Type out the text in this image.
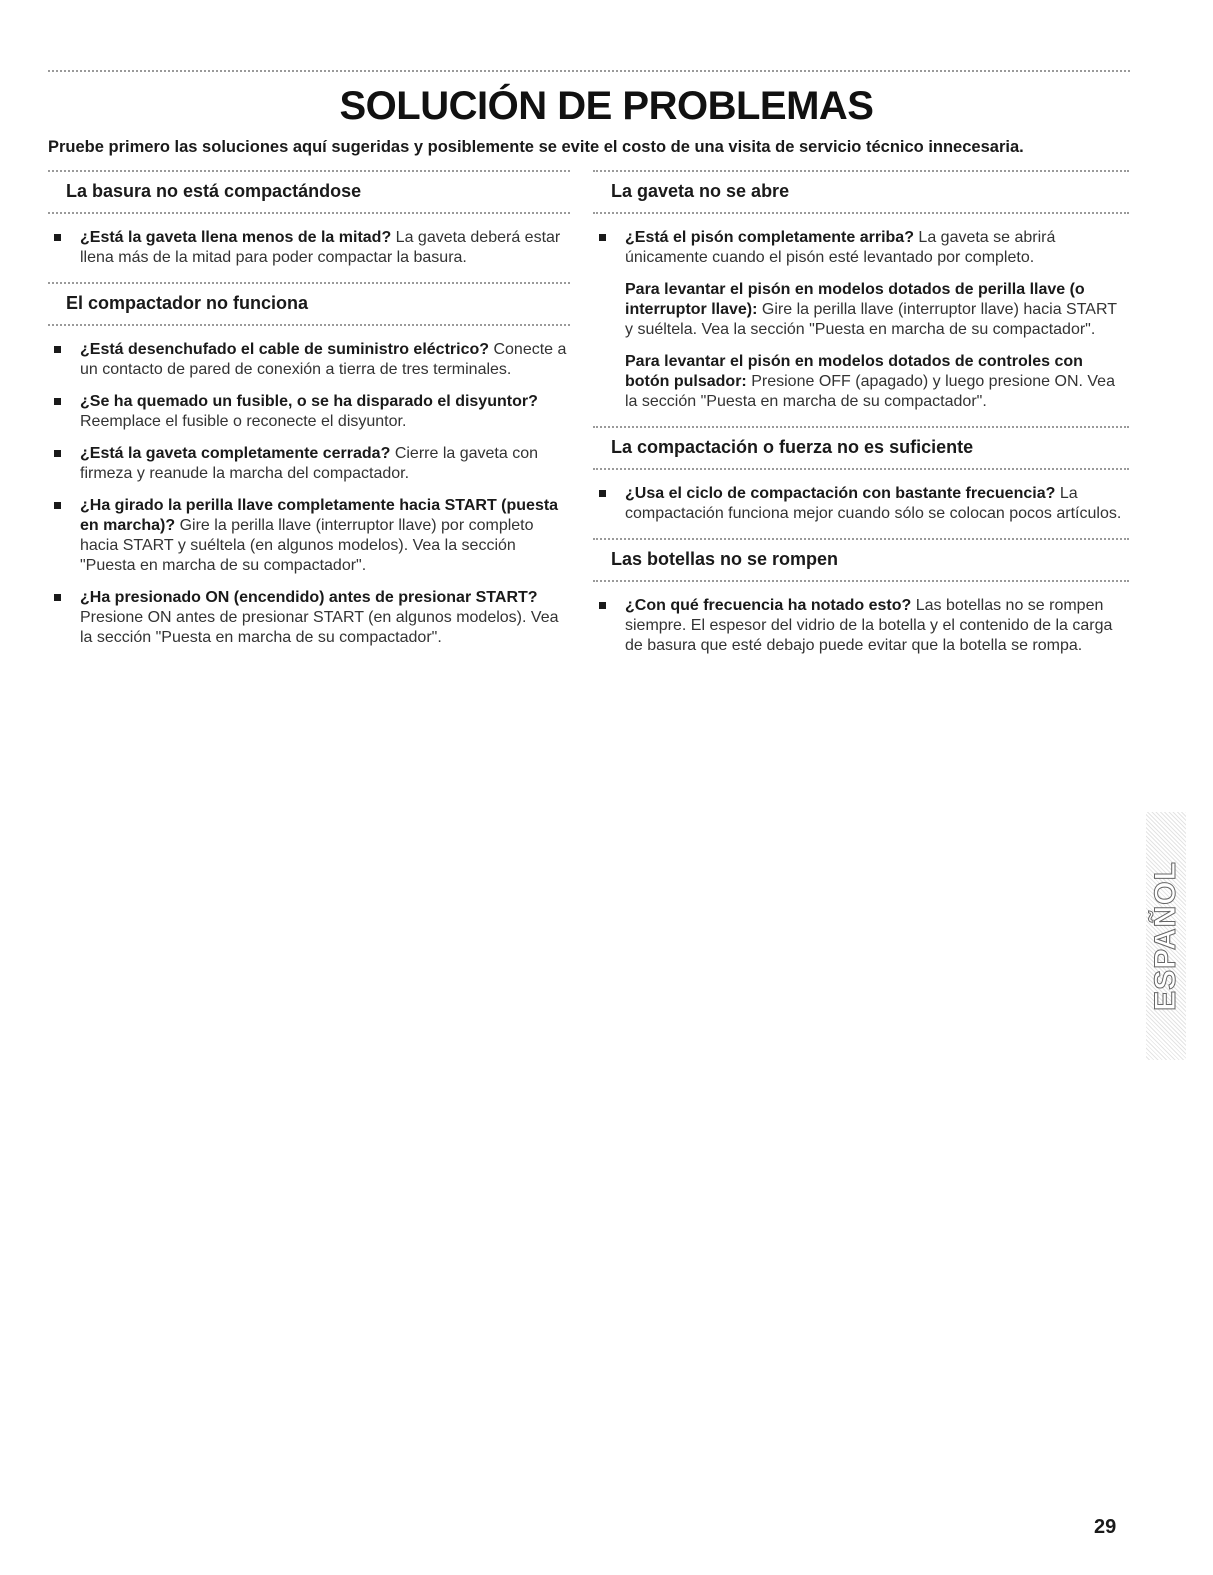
SOLUCIÓN DE PROBLEMAS
Pruebe primero las soluciones aquí sugeridas y posiblemente se evite el costo de una visita de servicio técnico innecesaria.
La basura no está compactándose
¿Está la gaveta llena menos de la mitad? La gaveta deberá estar llena más de la mitad para poder compactar la basura.
El compactador no funciona
¿Está desenchufado el cable de suministro eléctrico? Conecte a un contacto de pared de conexión a tierra de tres terminales.
¿Se ha quemado un fusible, o se ha disparado el disyuntor? Reemplace el fusible o reconecte el disyuntor.
¿Está la gaveta completamente cerrada? Cierre la gaveta con firmeza y reanude la marcha del compactador.
¿Ha girado la perilla llave completamente hacia START (puesta en marcha)? Gire la perilla llave (interruptor llave) por completo hacia START y suéltela (en algunos modelos). Vea la sección "Puesta en marcha de su compactador".
¿Ha presionado ON (encendido) antes de presionar START? Presione ON antes de presionar START (en algunos modelos). Vea la sección "Puesta en marcha de su compactador".
La gaveta no se abre
¿Está el pisón completamente arriba? La gaveta se abrirá únicamente cuando el pisón esté levantado por completo.
Para levantar el pisón en modelos dotados de perilla llave (o interruptor llave): Gire la perilla llave (interruptor llave) hacia START y suéltela. Vea la sección "Puesta en marcha de su compactador".
Para levantar el pisón en modelos dotados de controles con botón pulsador: Presione OFF (apagado) y luego presione ON. Vea la sección "Puesta en marcha de su compactador".
La compactación o fuerza no es suficiente
¿Usa el ciclo de compactación con bastante frecuencia? La compactación funciona mejor cuando sólo se colocan pocos artículos.
Las botellas no se rompen
¿Con qué frecuencia ha notado esto? Las botellas no se rompen siempre. El espesor del vidrio de la botella y el contenido de la carga de basura que esté debajo puede evitar que la botella se rompa.
ESPAÑOL
29
